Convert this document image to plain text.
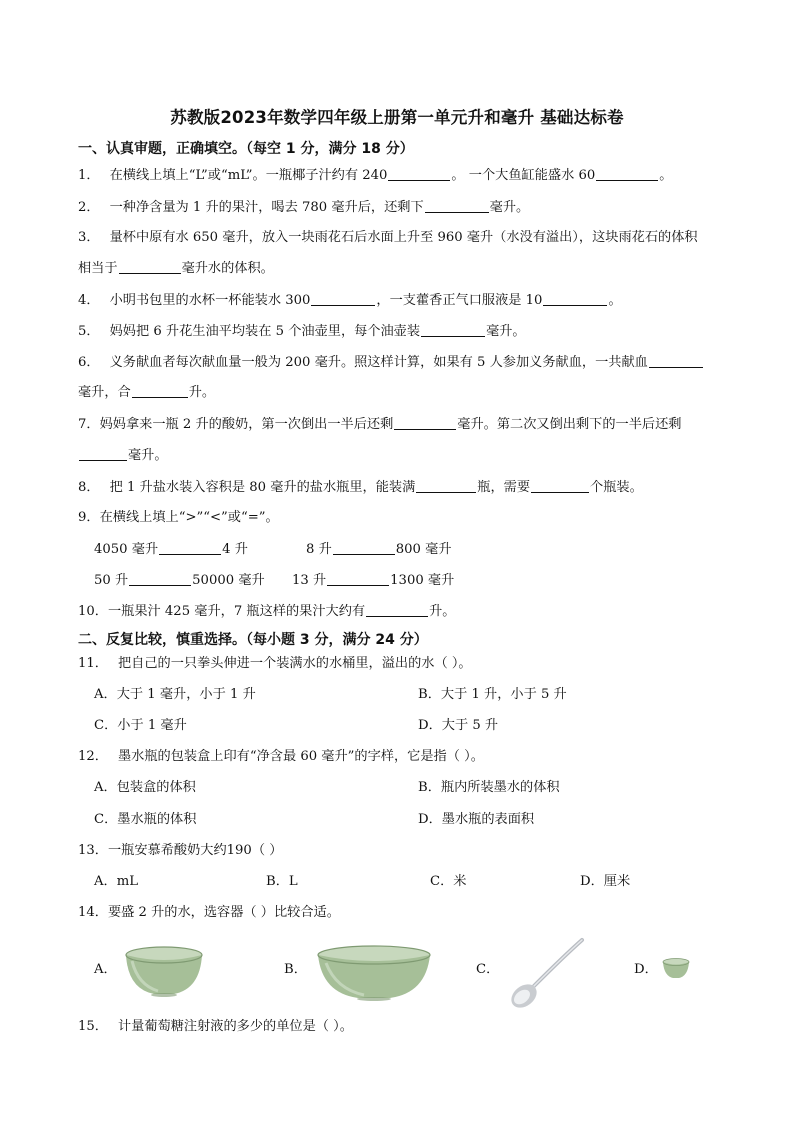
苏教版2023年数学四年级上册第一单元升和毫升 基础达标卷
一、认真审题，正确填空。（每空 1 分，满分 18 分）
1． 在横线上填上“L”或“mL”。一瓶椰子汁约有 240	。 一个大鱼缸能盛水 60	。
2． 一种净含量为 1 升的果汁，喝去 780 毫升后，还剩下	毫升。
3． 量杯中原有水 650 毫升，放入一块雨花石后水面上升至 960 毫升（水没有溢出），这块雨花石的体积
相当于	毫升水的体积。
4． 小明书包里的水杯一杯能装水 300	，一支藿香正气口服液是 10	。
5． 妈妈把 6 升花生油平均装在 5 个油壶里，每个油壶装	毫升。
6． 义务献血者每次献血量一般为 200 毫升。照这样计算，如果有 5 人参加义务献血，一共献血
毫升，合	升。
7．妈妈拿来一瓶 2 升的酸奶，第一次倒出一半后还剩	毫升。第二次又倒出剩下的一半后还剩
毫升。
8． 把 1 升盐水装入容积是 80 毫升的盐水瓶里，能装满	瓶，需要	个瓶装。
9．在横线上填上“>”“<”或“=”。
4050 毫升	4 升	8 升	800 毫升
50 升	50000 毫升 13 升	1300 毫升
10．一瓶果汁 425 毫升，7 瓶这样的果汁大约有	升。
二、反复比较，慎重选择。（每小题 3 分，满分 24 分）
11． 把自己的一只拳头伸进一个装满水的水桶里，溢出的水（ ）。
A．大于 1 毫升，小于 1 升	B．大于 1 升，小于 5 升
C．小于 1 毫升	D．大于 5 升
12． 墨水瓶的包装盒上印有“净含最 60 毫升”的字样，它是指（ ）。
A．包装盒的体积	B．瓶内所装墨水的体积
C．墨水瓶的体积	D．墨水瓶的表面积
13．一瓶安慕希酸奶大约190（ ）
A．mL	B．L	C．米	D．厘米
14．要盛 2 升的水，选容器（ ）比较合适。
A．	B．	C．	D．
15． 计量葡萄糖注射液的多少的单位是（ ）。
